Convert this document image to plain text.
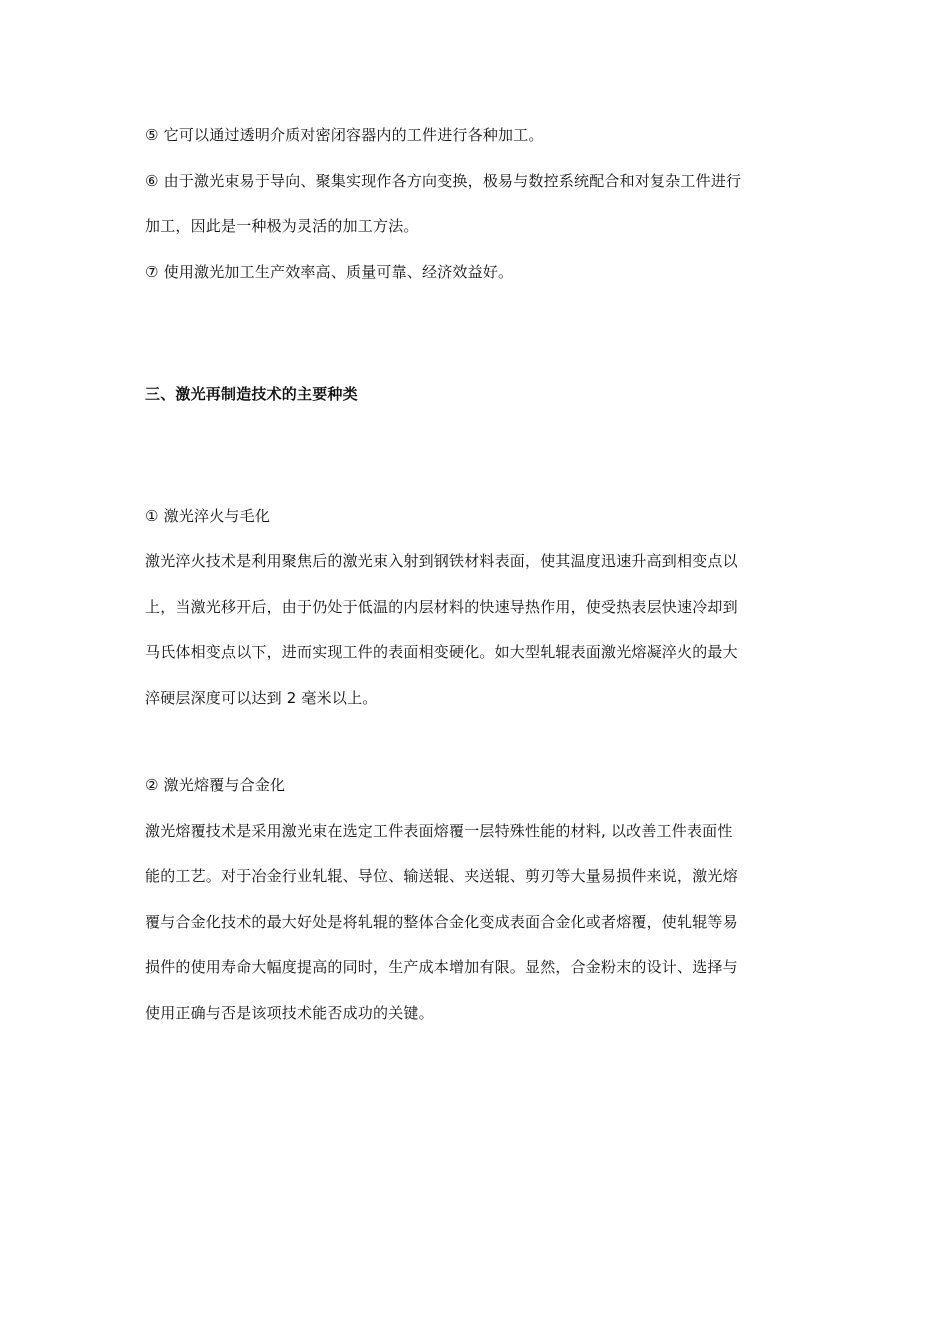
⑤ 它可以通过透明介质对密闭容器内的工件进行各种加工。
⑥ 由于激光束易于导向、聚集实现作各方向变换，极易与数控系统配合和对复杂工件进行
加工，因此是一种极为灵活的加工方法。
⑦ 使用激光加工生产效率高、质量可靠、经济效益好。
三、激光再制造技术的主要种类
① 激光淬火与毛化
激光淬火技术是利用聚焦后的激光束入射到钢铁材料表面，使其温度迅速升高到相变点以
上，当激光移开后，由于仍处于低温的内层材料的快速导热作用，使受热表层快速冷却到
马氏体相变点以下，进而实现工件的表面相变硬化。如大型轧辊表面激光熔凝淬火的最大
淬硬层深度可以达到 2 毫米以上。
② 激光熔覆与合金化
激光熔覆技术是采用激光束在选定工件表面熔覆一层特殊性能的材料, 以改善工件表面性
能的工艺。对于冶金行业轧辊、导位、输送辊、夹送辊、剪刃等大量易损件来说，激光熔
覆与合金化技术的最大好处是将轧辊的整体合金化变成表面合金化或者熔覆，使轧辊等易
损件的使用寿命大幅度提高的同时，生产成本增加有限。显然，合金粉末的设计、选择与
使用正确与否是该项技术能否成功的关键。
